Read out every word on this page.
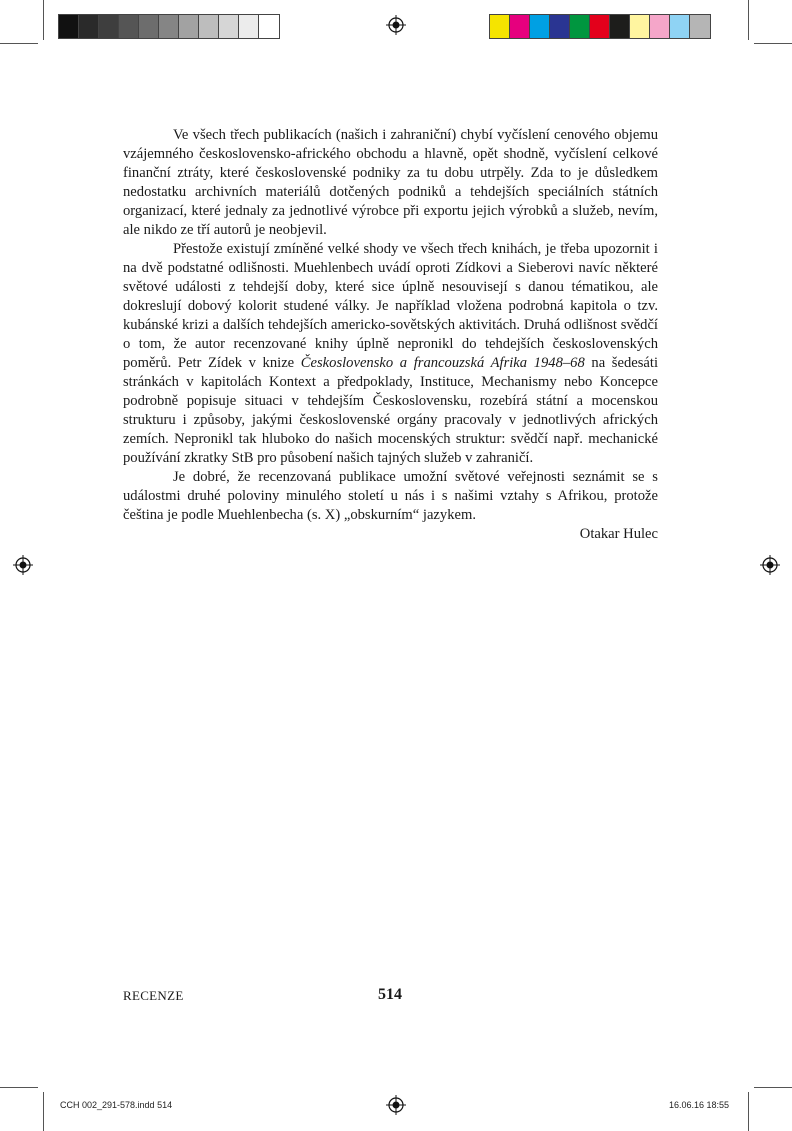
Ve všech třech publikacích (našich i zahraniční) chybí vyčíslení cenového objemu vzájemného československo-afrického obchodu a hlavně, opět shodně, vyčíslení celkové finanční ztráty, které československé podniky za tu dobu utrpěly. Zda to je důsledkem nedostatku archivních materiálů dotčených podniků a tehdejších speciálních státních organizací, které jednaly za jednotlivé výrobce při exportu jejich výrobků a služeb, nevím, ale nikdo ze tří autorů je neobjevil.

Přestože existují zmíněné velké shody ve všech třech knihách, je třeba upozornit i na dvě podstatné odlišnosti. Muehlenbech uvádí oproti Zídkovi a Sieberovi navíc některé světové události z tehdejší doby, které sice úplně nesouvisejí s danou tématikou, ale dokreslují dobový kolorit studené války. Je například vložena podrobná kapitola o tzv. kubánské krizi a dalších tehdejších americko-sovětských aktivitách. Druhá odlišnost svědčí o tom, že autor recenzované knihy úplně nepronikl do tehdejších československých poměrů. Petr Zídek v knize Československo a francouzská Afrika 1948–68 na šedesáti stránkách v kapitolách Kontext a předpoklady, Instituce, Mechanismy nebo Koncepce podrobně popisuje situaci v tehdejším Československu, rozebírá státní a mocenskou strukturu i způsoby, jakými československé orgány pracovaly v jednotlivých afrických zemích. Nepronikl tak hluboko do našich mocenských struktur: svědčí např. mechanické používání zkratky StB pro působení našich tajných služeb v zahraničí.

Je dobré, že recenzovaná publikace umožní světové veřejnosti seznámit se s událostmi druhé poloviny minulého století u nás i s našimi vztahy s Afrikou, protože čeština je podle Muehlenbecha (s. X) „obskurním“ jazykem.

Otakar Hulec

RECENZE	514
CCH 002_291-578.indd 514	16.06.16 18:55
